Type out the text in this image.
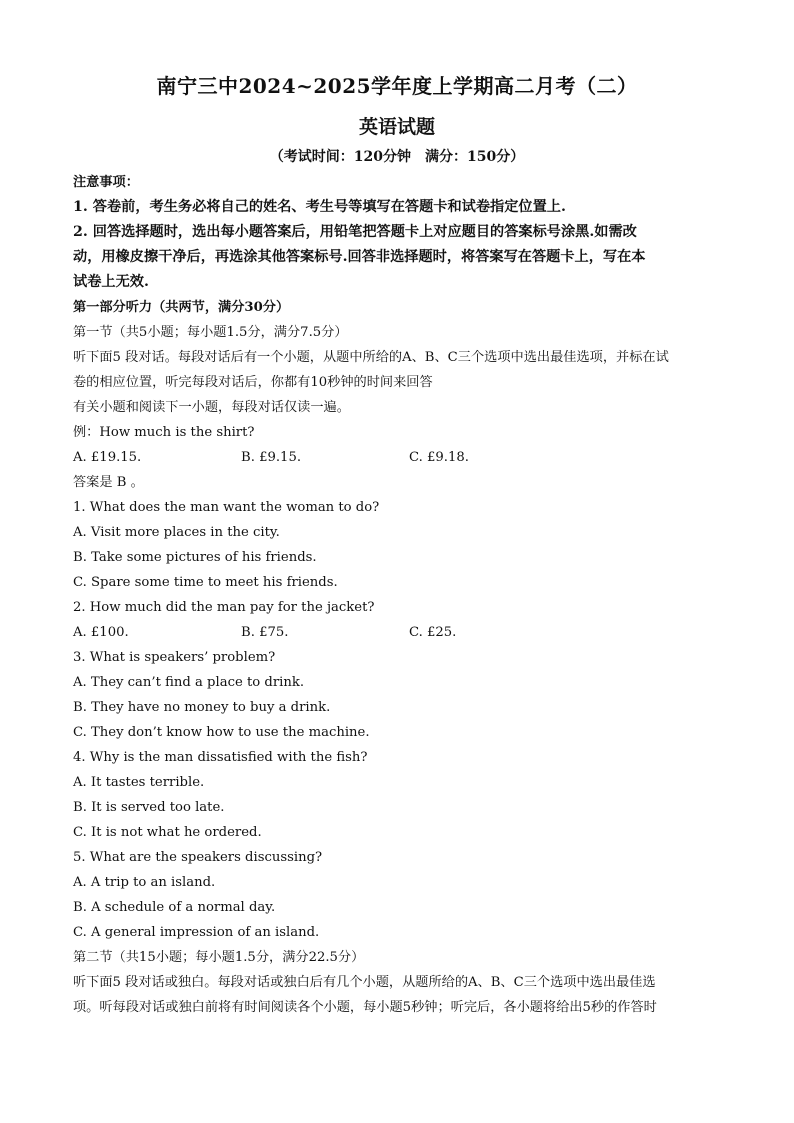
南宁三中2024~2025学年度上学期高二月考（二）
英语试题
（考试时间：120分钟　满分：150分）
注意事项：
1. 答卷前，考生务必将自己的姓名、考生号等填写在答题卡和试卷指定位置上.
2. 回答选择题时，选出每小题答案后，用铅笔把答题卡上对应题目的答案标号涂黑.如需改
动，用橡皮擦干净后，再选涂其他答案标号.回答非选择题时，将答案写在答题卡上，写在本
试卷上无效.
第一部分听力（共两节，满分30分）
第一节（共5小题；每小题1.5分，满分7.5分）
听下面5 段对话。每段对话后有一个小题，从题中所给的A、B、C三个选项中选出最佳选项，并标在试
卷的相应位置，听完每段对话后，你都有10秒钟的时间来回答
有关小题和阅读下一小题，每段对话仅读一遍。
例：How much is the shirt?
A. £19.15.	B. £9.15.	C. £9.18.
答案是 B 。
1. What does the man want the woman to do?
A. Visit more places in the city.
B. Take some pictures of his friends.
C. Spare some time to meet his friends.
2. How much did the man pay for the jacket?
A. £100.	B. £75.	C. £25.
3. What is speakers’ problem?
A. They can’t find a place to drink.
B. They have no money to buy a drink.
C. They don’t know how to use the machine.
4. Why is the man dissatisfied with the fish?
A. It tastes terrible.
B. It is served too late.
C. It is not what he ordered.
5. What are the speakers discussing?
A. A trip to an island.
B. A schedule of a normal day.
C. A general impression of an island.
第二节（共15小题；每小题1.5分，满分22.5分）
听下面5 段对话或独白。每段对话或独白后有几个小题，从题所给的A、B、C三个选项中选出最佳选
项。听每段对话或独白前将有时间阅读各个小题，每小题5秒钟；听完后，各小题将给出5秒的作答时
